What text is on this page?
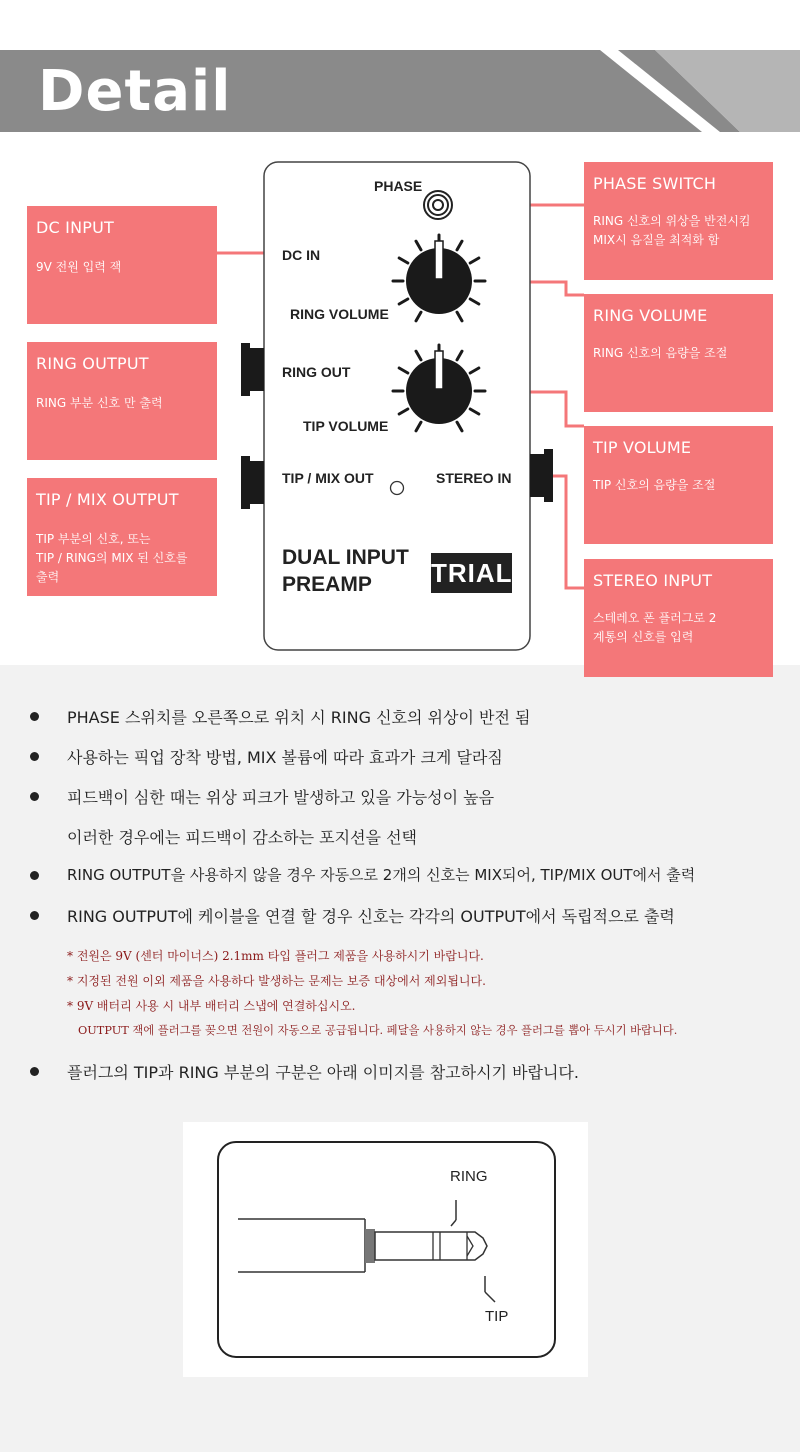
Detail
PHASE
DC IN
RING VOLUME
RING OUT
TIP VOLUME
TIP / MIX OUT	STEREO IN
DUAL INPUT
PREAMP TRIAL
DC INPUT
9V 전원 입력 잭
RING OUTPUT
RING 부분 신호 만 출력
TIP / MIX OUTPUT
TIP 부분의 신호, 또는
TIP / RING의 MIX 된 신호를
출력
PHASE SWITCH
RING 신호의 위상을 반전시킴
MIX시 음질을 최적화 함
RING VOLUME
RING 신호의 음량을 조절
TIP VOLUME
TIP 신호의 음량을 조절
STEREO INPUT
스테레오 폰 플러그로 2
계통의 신호를 입력
PHASE 스위치를 오른쪽으로 위치 시 RING 신호의 위상이 반전 됨
사용하는 픽업 장착 방법, MIX 볼륨에 따라 효과가 크게 달라짐
피드백이 심한 때는 위상 피크가 발생하고 있을 가능성이 높음
이러한 경우에는 피드백이 감소하는 포지션을 선택
RING OUTPUT을 사용하지 않을 경우 자동으로 2개의 신호는 MIX되어, TIP/MIX OUT에서 출력
RING OUTPUT에 케이블을 연결 할 경우 신호는 각각의 OUTPUT에서 독립적으로 출력
* 전원은 9V (센터 마이너스) 2.1mm 타입 플러그 제품을 사용하시기 바랍니다.
* 지정된 전원 이외 제품을 사용하다 발생하는 문제는 보증 대상에서 제외됩니다.
* 9V 배터리 사용 시 내부 배터리 스냅에 연결하십시오.
OUTPUT 잭에 플러그를 꽂으면 전원이 자동으로 공급됩니다. 페달을 사용하지 않는 경우 플러그를 뽑아 두시기 바랍니다.
플러그의 TIP과 RING 부분의 구분은 아래 이미지를 참고하시기 바랍니다.
RING
TIP
